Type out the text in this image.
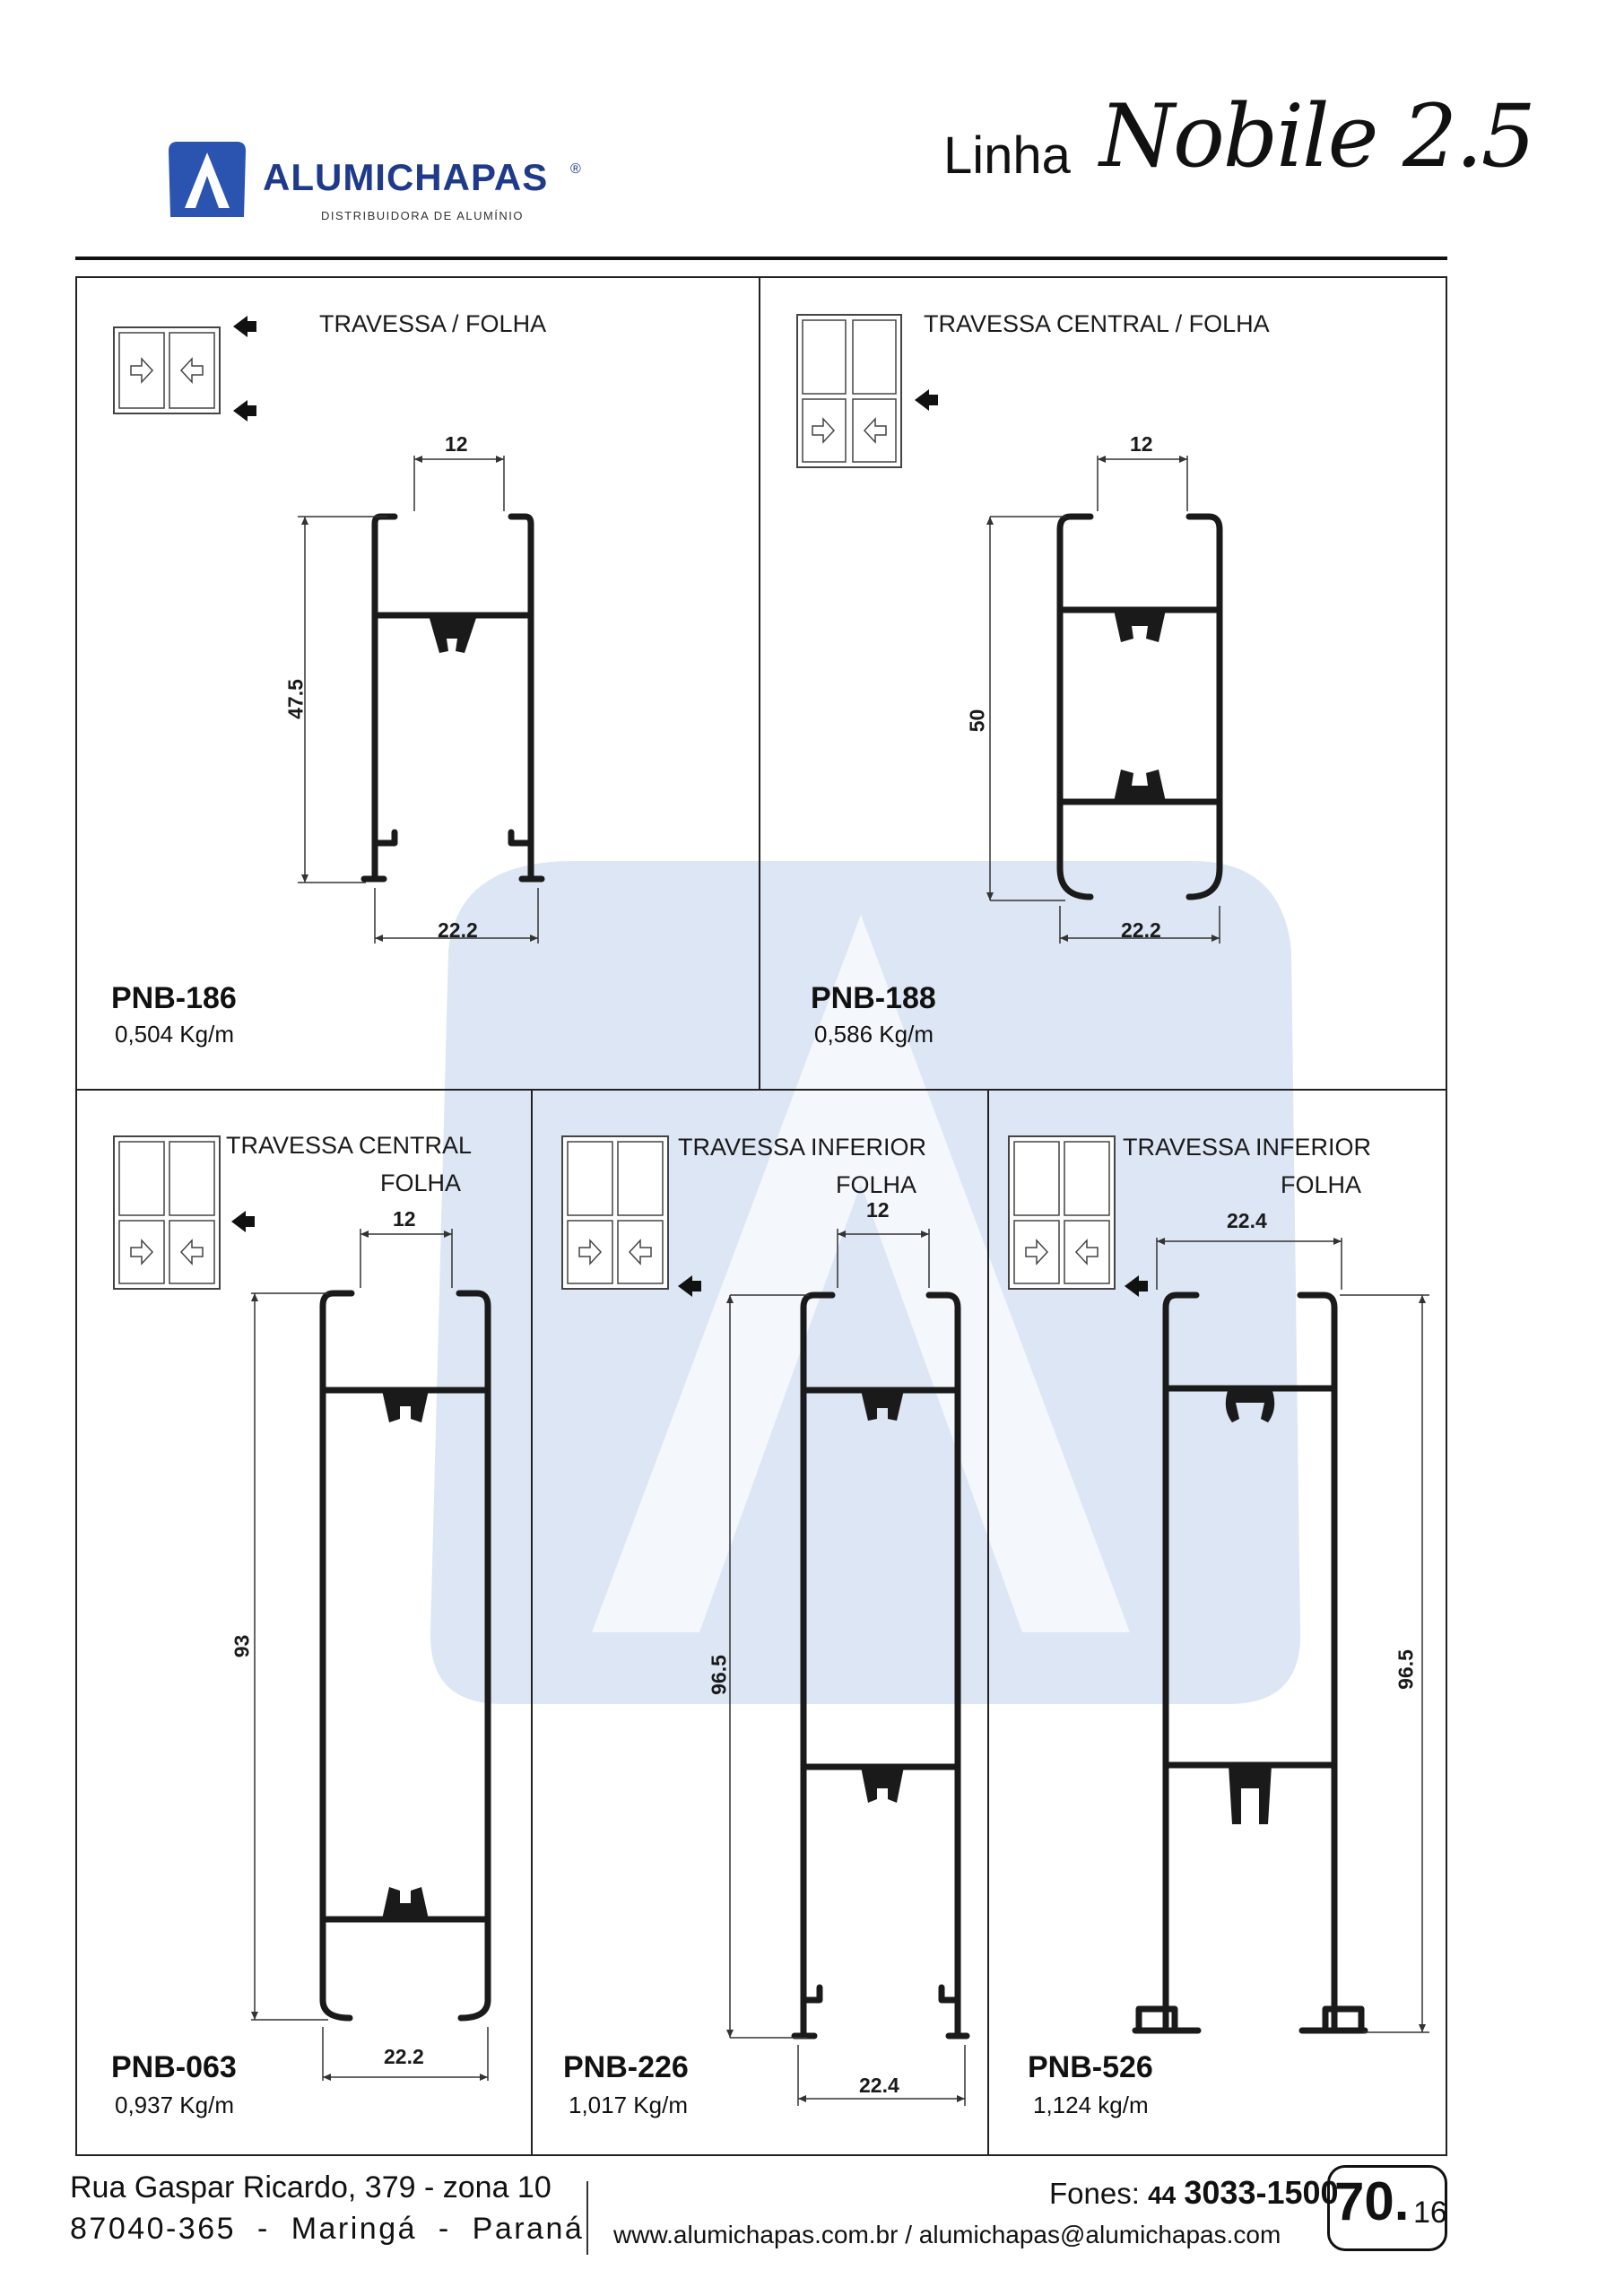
ALUMICHAPAS ®
DISTRIBUIDORA DE ALUMÍNIO
Linha Nobile 2.5
TRAVESSA / FOLHA
12
47.5
22.2
PNB-186
0,504 Kg/m
TRAVESSA CENTRAL / FOLHA
12
50
22.2
PNB-188
0,586 Kg/m
TRAVESSA CENTRAL
FOLHA
12
93
22.2
PNB-063
0,937 Kg/m
TRAVESSA INFERIOR
FOLHA
12
96.5
22.4
PNB-226
1,017 Kg/m
TRAVESSA INFERIOR
FOLHA
22.4
96.5
PNB-526
1,124 kg/m
Rua Gaspar Ricardo, 379 - zona 10
87040-365  -  Maringá  -  Paraná
Fones: 44 3033-1500
www.alumichapas.com.br / alumichapas@alumichapas.com
70. 16
